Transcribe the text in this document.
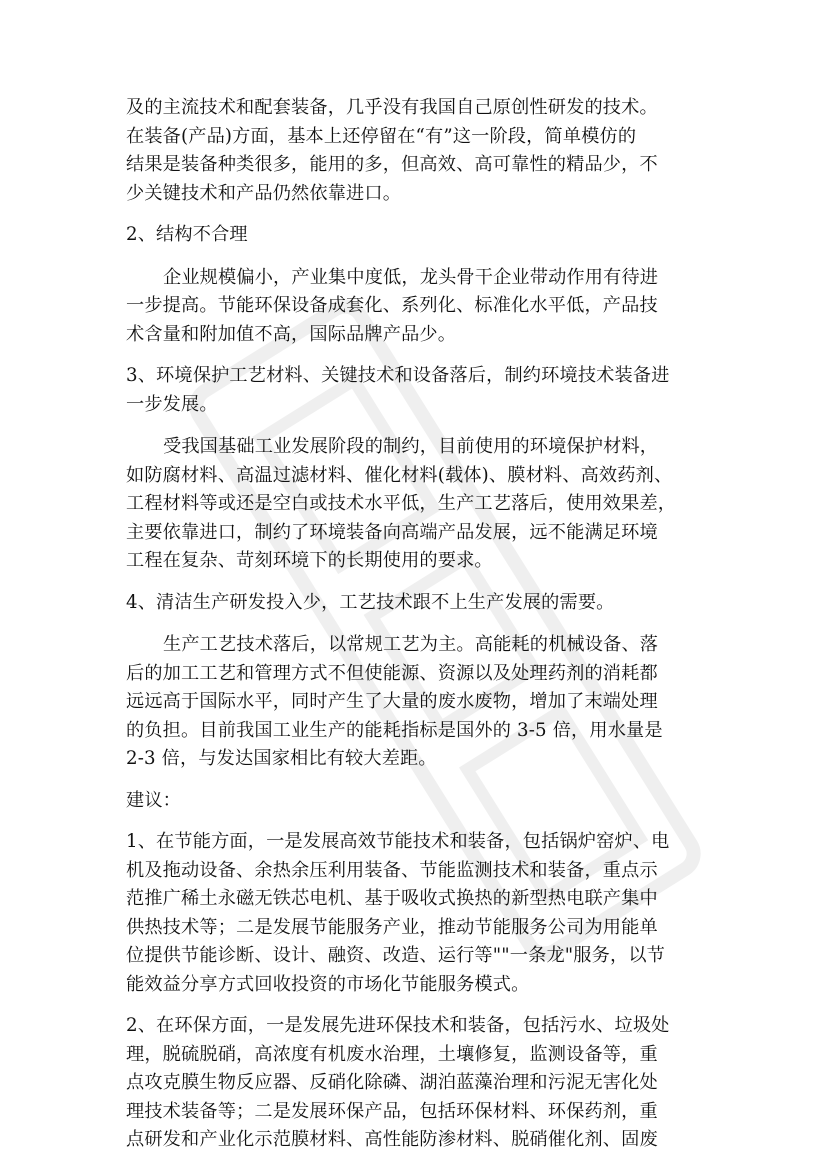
及的主流技术和配套装备，几乎没有我国自己原创性研发的技术。
在装备(产品)方面，基本上还停留在“有”这一阶段，简单模仿的
结果是装备种类很多，能用的多，但高效、高可靠性的精品少，不
少关键技术和产品仍然依靠进口。
2、结构不合理
企业规模偏小，产业集中度低，龙头骨干企业带动作用有待进
一步提高。节能环保设备成套化、系列化、标准化水平低，产品技
术含量和附加值不高，国际品牌产品少。
3、环境保护工艺材料、关键技术和设备落后，制约环境技术装备进
一步发展。
受我国基础工业发展阶段的制约，目前使用的环境保护材料，
如防腐材料、高温过滤材料、催化材料(载体)、膜材料、高效药剂、
工程材料等或还是空白或技术水平低，生产工艺落后，使用效果差，
主要依靠进口，制约了环境装备向高端产品发展，远不能满足环境
工程在复杂、苛刻环境下的长期使用的要求。
4、清洁生产研发投入少，工艺技术跟不上生产发展的需要。
生产工艺技术落后，以常规工艺为主。高能耗的机械设备、落
后的加工工艺和管理方式不但使能源、资源以及处理药剂的消耗都
远远高于国际水平，同时产生了大量的废水废物，增加了末端处理
的负担。目前我国工业生产的能耗指标是国外的 3-5 倍，用水量是
2-3 倍，与发达国家相比有较大差距。
建议：
1、在节能方面，一是发展高效节能技术和装备，包括锅炉窑炉、电
机及拖动设备、余热余压利用装备、节能监测技术和装备，重点示
范推广稀土永磁无铁芯电机、基于吸收式换热的新型热电联产集中
供热技术等；二是发展节能服务产业，推动节能服务公司为用能单
位提供节能诊断、设计、融资、改造、运行等""一条龙"服务，以节
能效益分享方式回收投资的市场化节能服务模式。
2、在环保方面，一是发展先进环保技术和装备，包括污水、垃圾处
理，脱硫脱硝，高浓度有机废水治理，土壤修复，监测设备等，重
点攻克膜生物反应器、反硝化除磷、湖泊蓝藻治理和污泥无害化处
理技术装备等；二是发展环保产品，包括环保材料、环保药剂，重
点研发和产业化示范膜材料、高性能防渗材料、脱硝催化剂、固废
